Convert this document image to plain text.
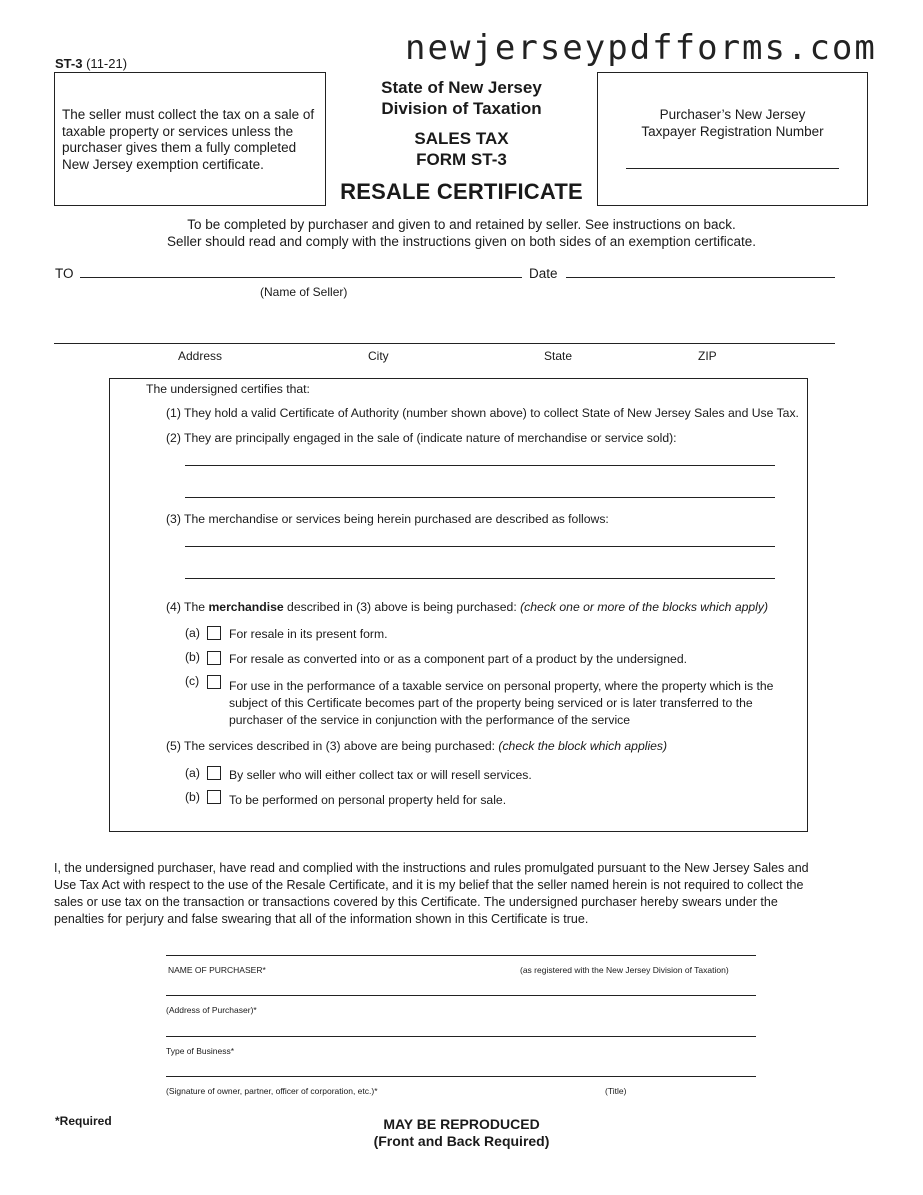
newjerseypdfforms.com
ST-3 (11-21)

The seller must collect the tax on a sale of taxable property or services unless the purchaser gives them a fully completed New Jersey exemption certificate.

State of New Jersey
Division of Taxation
SALES TAX
FORM ST-3
RESALE CERTIFICATE

Purchaser’s New Jersey
Taxpayer Registration Number

To be completed by purchaser and given to and retained by seller. See instructions on back.
Seller should read and comply with the instructions given on both sides of an exemption certificate.
TO	Date
(Name of Seller)
Address	City	State	ZIP
The undersigned certifies that:
(1) They hold a valid Certificate of Authority (number shown above) to collect State of New Jersey Sales and Use Tax.
(2) They are principally engaged in the sale of (indicate nature of merchandise or service sold):
(3) The merchandise or services being herein purchased are described as follows:
(4) The merchandise described in (3) above is being purchased: (check one or more of the blocks which apply)
(a) For resale in its present form.
(b) For resale as converted into or as a component part of a product by the undersigned.
(c) For use in the performance of a taxable service on personal property, where the property which is the
subject of this Certificate becomes part of the property being serviced or is later transferred to the
purchaser of the service in conjunction with the performance of the service
(5) The services described in (3) above are being purchased: (check the block which applies)
(a) By seller who will either collect tax or will resell services.
(b) To be performed on personal property held for sale.
I, the undersigned purchaser, have read and complied with the instructions and rules promulgated pursuant to the New Jersey Sales and Use Tax Act with respect to the use of the Resale Certificate, and it is my belief that the seller named herein is not required to collect the sales or use tax on the transaction or transactions covered by this Certificate. The undersigned purchaser hereby swears under the penalties for perjury and false swearing that all of the information shown in this Certificate is true.
NAME OF PURCHASER*	(as registered with the New Jersey Division of Taxation)
(Address of Purchaser)*
Type of Business*
(Signature of owner, partner, officer of corporation, etc.)*	(Title)
*Required	MAY BE REPRODUCED
(Front and Back Required)
